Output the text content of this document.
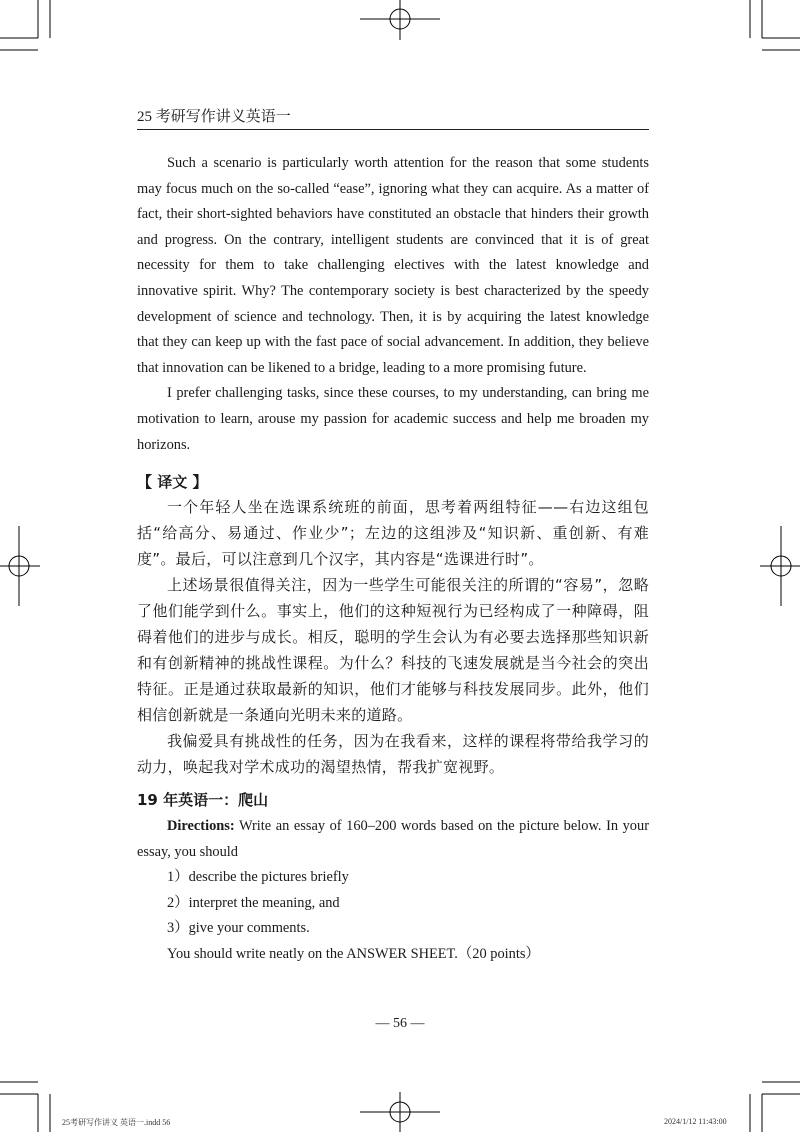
25 考研写作讲义英语一

Such a scenario is particularly worth attention for the reason that some students may focus much on the so-called “ease”, ignoring what they can acquire. As a matter of fact, their short-sighted behaviors have constituted an obstacle that hinders their growth and progress. On the contrary, intelligent students are convinced that it is of great necessity for them to take challenging electives with the latest knowledge and innovative spirit. Why? The contemporary society is best characterized by the speedy development of science and technology. Then, it is by acquiring the latest knowledge that they can keep up with the fast pace of social advancement. In addition, they believe that innovation can be likened to a bridge, leading to a more promising future.

I prefer challenging tasks, since these courses, to my understanding, can bring me motivation to learn, arouse my passion for academic success and help me broaden my horizons.

【 译文 】

一个年轻人坐在选课系统班的前面，思考着两组特征——右边这组包括“给高分、易通过、作业少”；左边的这组涉及“知识新、重创新、有难度”。最后，可以注意到几个汉字，其内容是“选课进行时”。

上述场景很值得关注，因为一些学生可能很关注的所谓的“容易”，忽略了他们能学到什么。事实上，他们的这种短视行为已经构成了一种障碍，阻碍着他们的进步与成长。相反，聪明的学生会认为有必要去选择那些知识新和有创新精神的挑战性课程。为什么？科技的飞速发展就是当今社会的突出特征。正是通过获取最新的知识，他们才能够与科技发展同步。此外，他们相信创新就是一条通向光明未来的道路。

我偏爱具有挑战性的任务，因为在我看来，这样的课程将带给我学习的动力，唤起我对学术成功的渴望热情，帮我扩宽视野。

19 年英语一：爬山

Directions: Write an essay of 160–200 words based on the picture below. In your essay, you should

1）describe the pictures briefly

2）interpret the meaning, and

3）give your comments.

You should write neatly on the ANSWER SHEET.（20 points）

— 56 —
25考研写作讲义 英语一.indd 56	2024/1/12 11:43:00
